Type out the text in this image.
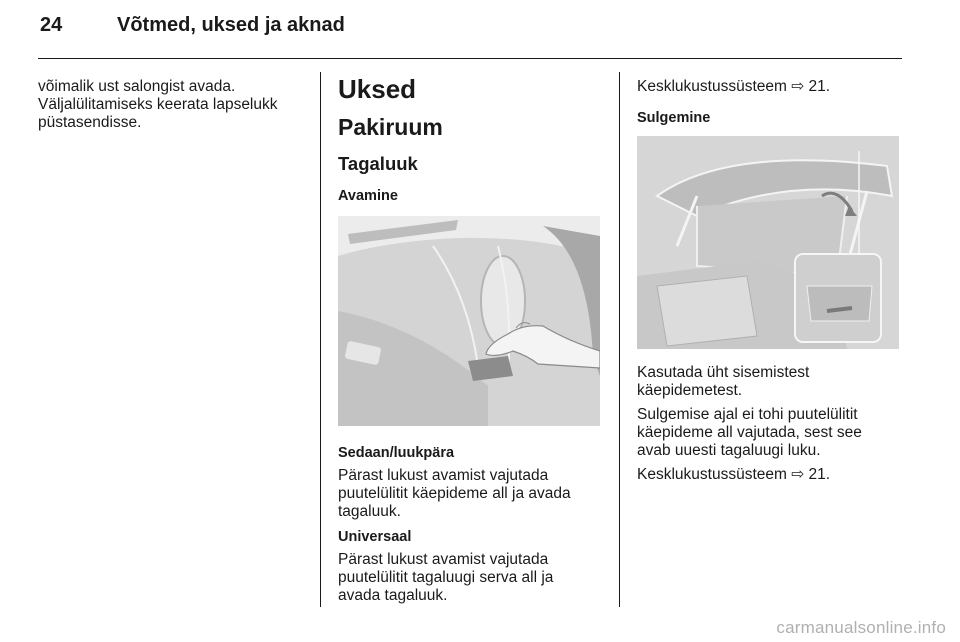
24	Võtmed, uksed ja aknad

võimalik ust salongist avada.

Väljalülitamiseks keerata lapselukk

püstasendisse.

Uksed
Pakiruum
Tagaluuk
Avamine
Sedaan/luukpära

Pärast lukust avamist vajutada
puutelülitit käepideme all ja avada
tagaluuk.

Universaal

Pärast lukust avamist vajutada
puutelülitit tagaluugi serva all ja
avada tagaluuk.

Kesklukustussüsteem ⇨ 21.

Sulgemine

Kasutada üht sisemistest
käepidemetest.

Sulgemise ajal ei tohi puutelülitit
käepideme all vajutada, sest see
avab uuesti tagaluugi luku.

Kesklukustussüsteem ⇨ 21.

carmanualsonline.info
